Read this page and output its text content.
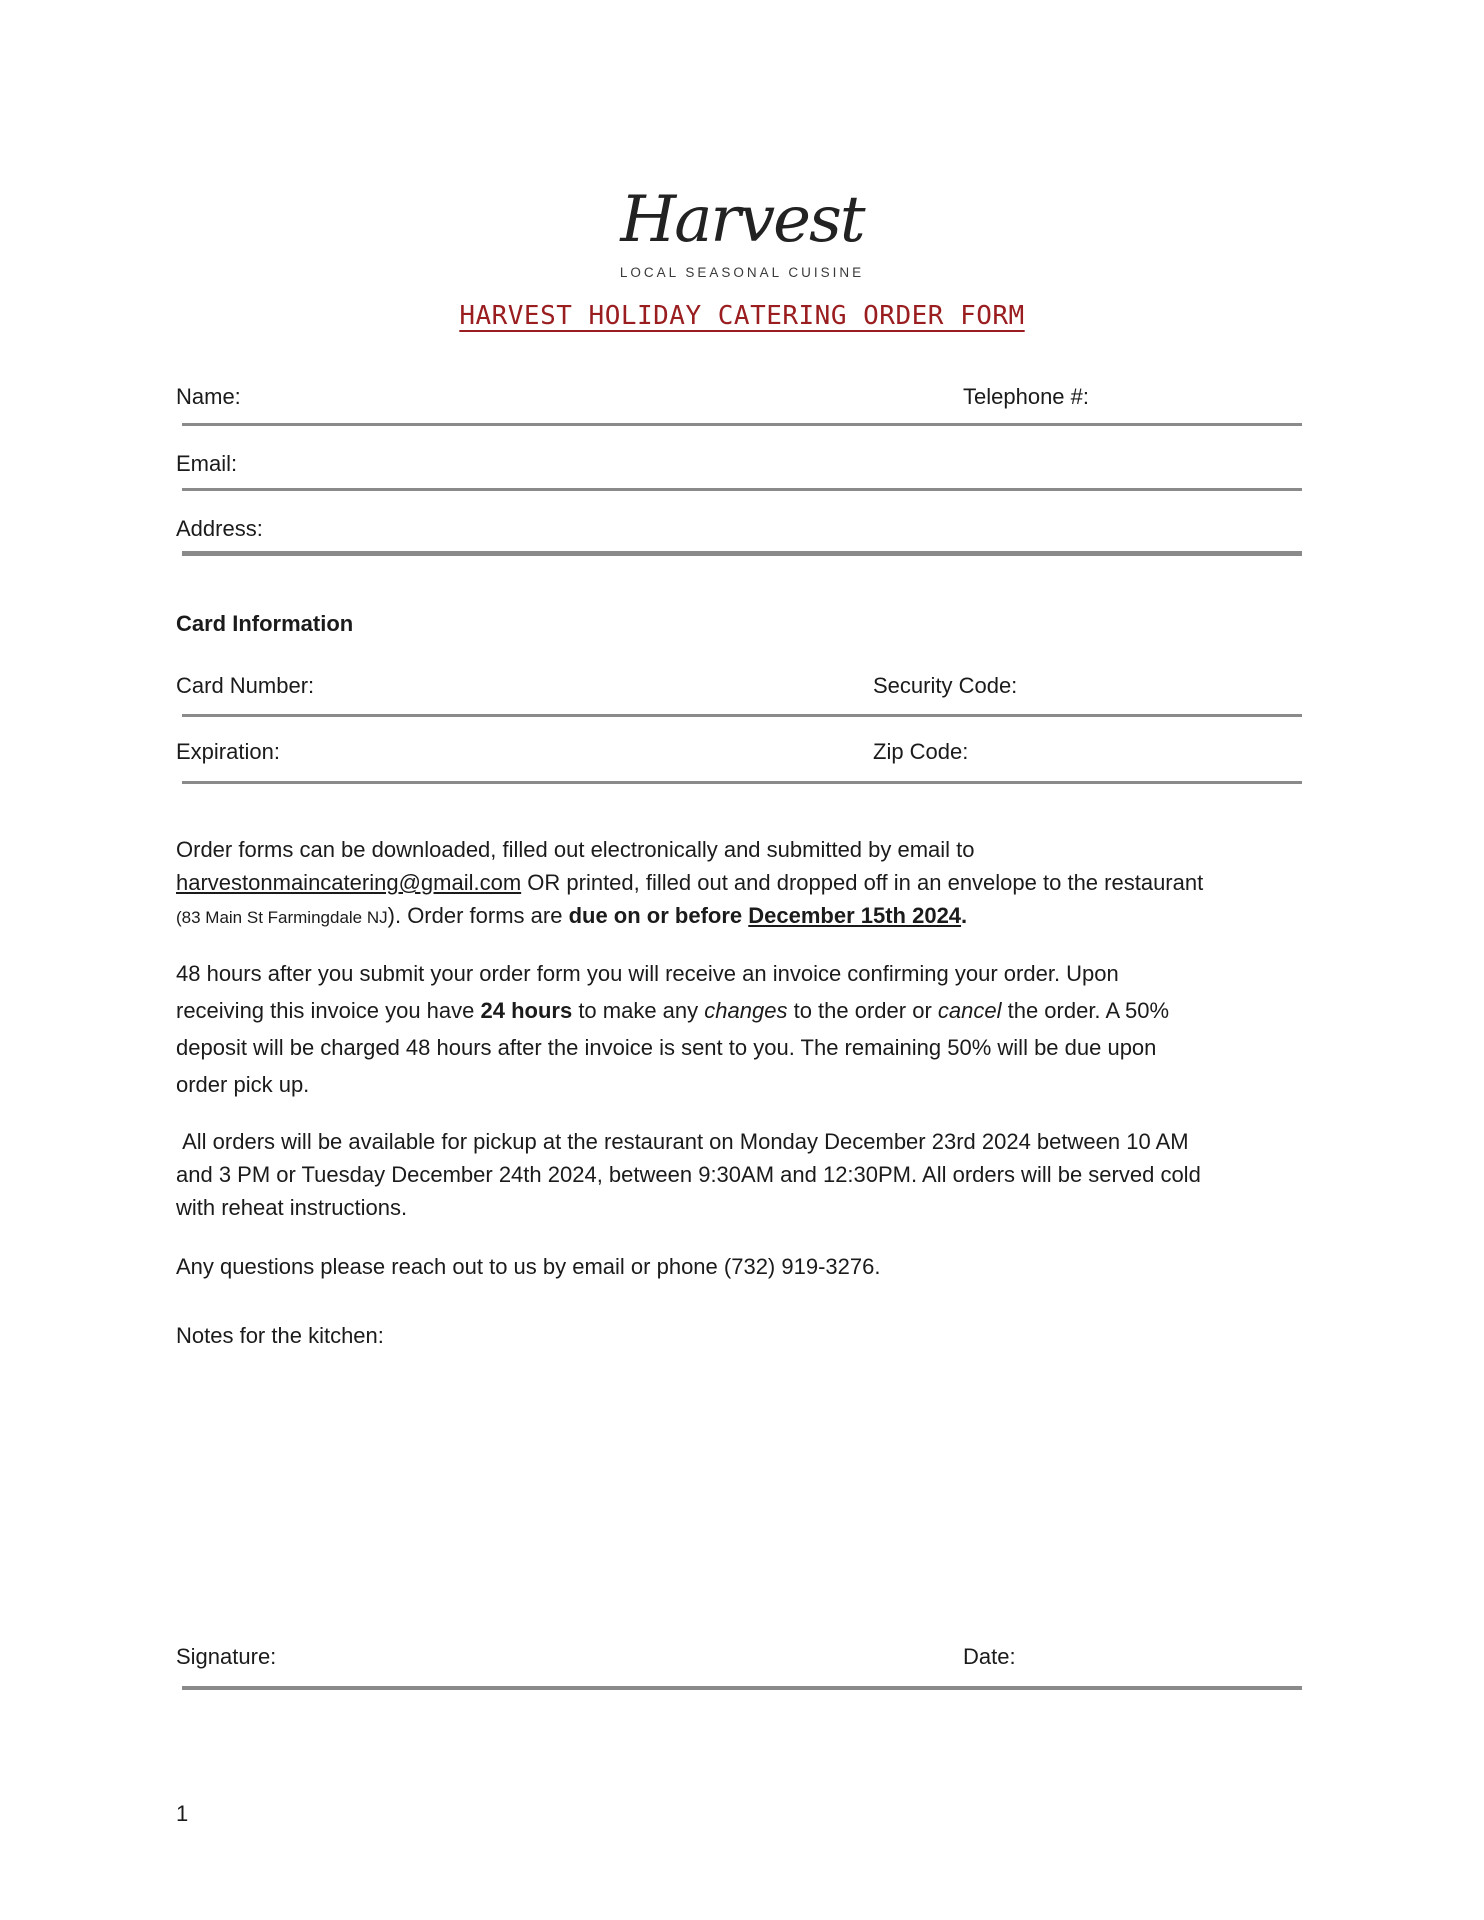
Harvest
LOCAL SEASONAL CUISINE
HARVEST HOLIDAY CATERING ORDER FORM
Name:	Telephone #:
Email:
Address:
Card Information
Card Number:	Security Code:
Expiration:	Zip Code:
Order forms can be downloaded, filled out electronically and submitted by email to
harvestonmaincatering@gmail.com OR printed, filled out and dropped off in an envelope to the restaurant
(83 Main St Farmingdale NJ). Order forms are due on or before December 15th 2024.
48 hours after you submit your order form you will receive an invoice confirming your order. Upon
receiving this invoice you have 24 hours to make any changes to the order or cancel the order. A 50%
deposit will be charged 48 hours after the invoice is sent to you. The remaining 50% will be due upon
order pick up.
All orders will be available for pickup at the restaurant on Monday December 23rd 2024 between 10 AM
and 3 PM or Tuesday December 24th 2024, between 9:30AM and 12:30PM. All orders will be served cold
with reheat instructions.
Any questions please reach out to us by email or phone (732) 919-3276.
Notes for the kitchen:
Signature:	Date:
1
